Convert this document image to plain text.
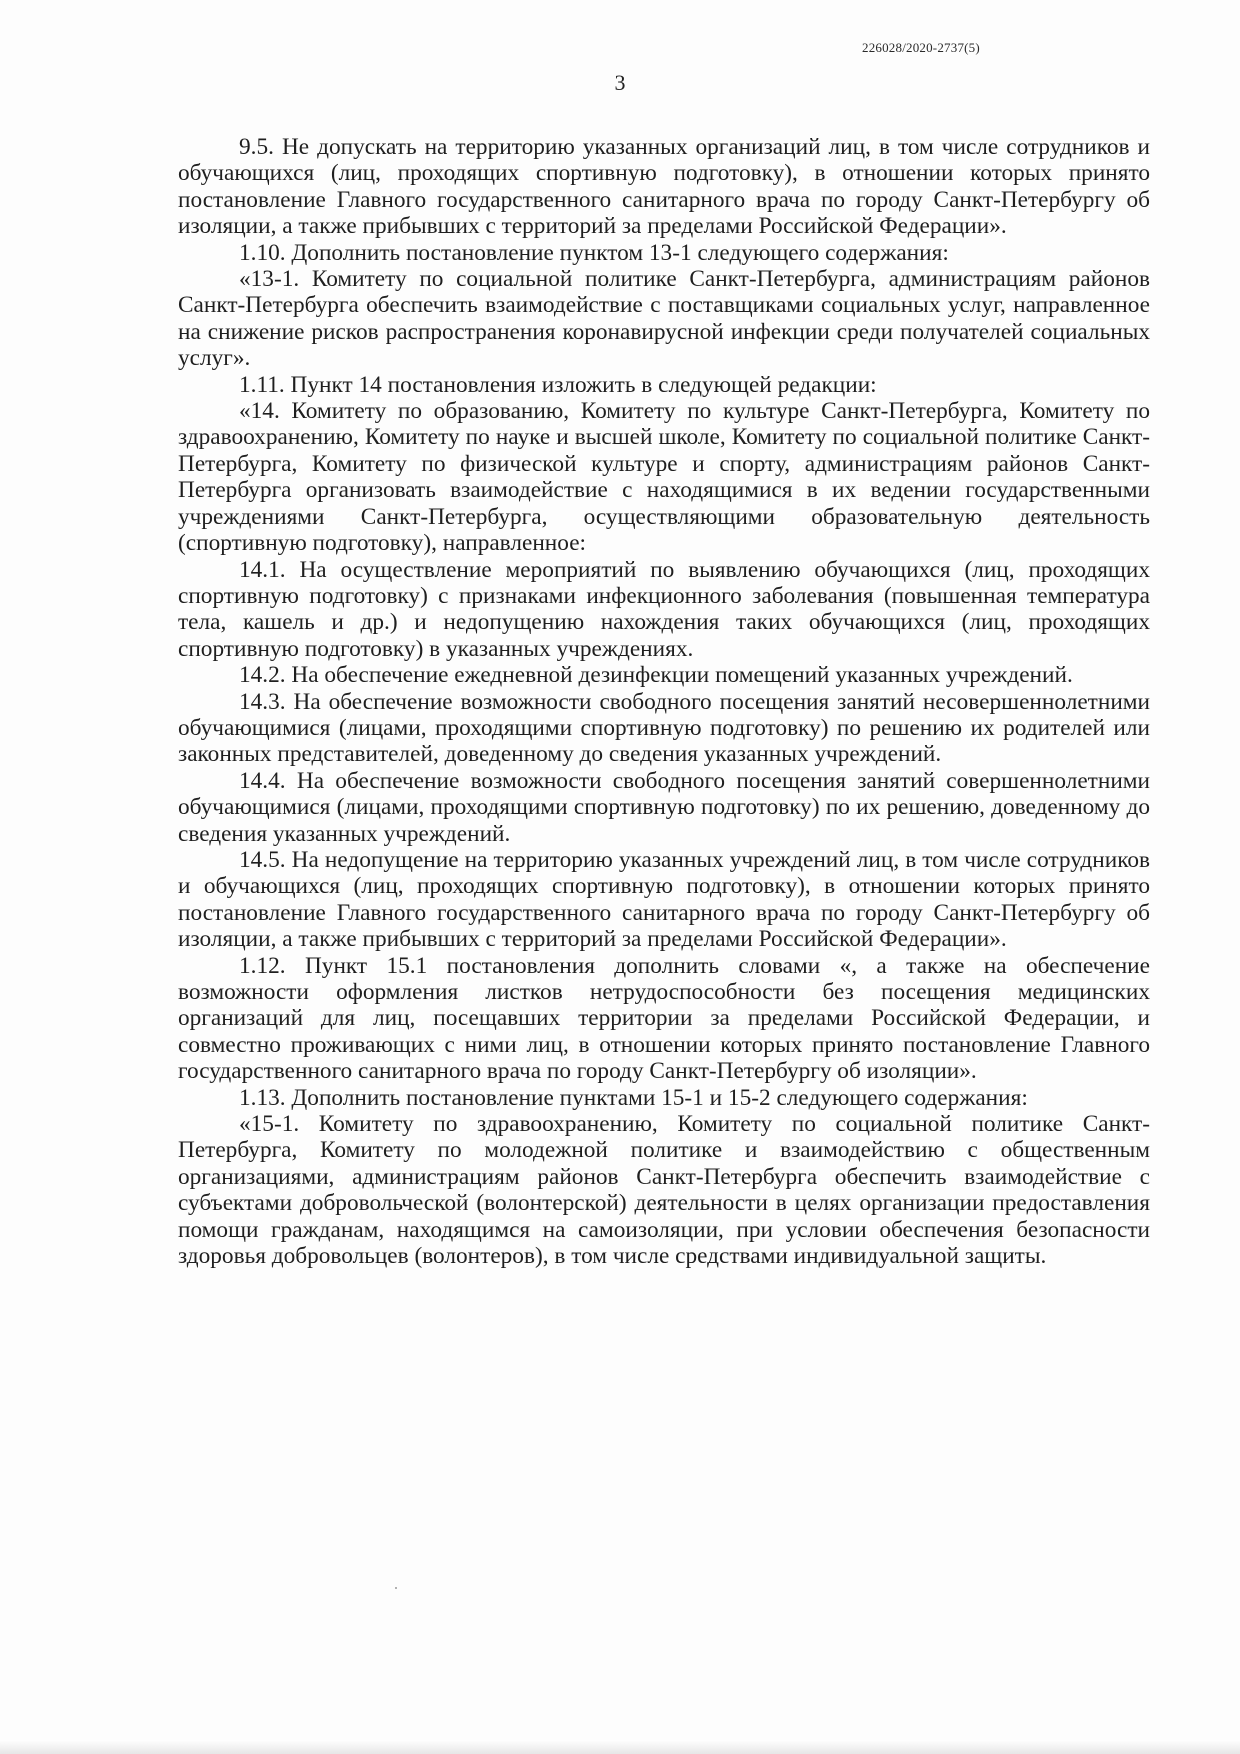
226028/2020-2737(5)
3

9.5. Не допускать на территорию указанных организаций лиц, в том числе сотрудников и обучающихся (лиц, проходящих спортивную подготовку), в отношении которых принято постановление Главного государственного санитарного врача по городу Санкт-Петербургу об изоляции, а также прибывших с территорий за пределами Российской Федерации».

1.10. Дополнить постановление пунктом 13-1 следующего содержания:

«13-1. Комитету по социальной политике Санкт-Петербурга, администрациям районов Санкт-Петербурга обеспечить взаимодействие с поставщиками социальных услуг, направленное на снижение рисков распространения коронавирусной инфекции среди получателей социальных услуг».

1.11. Пункт 14 постановления изложить в следующей редакции:

«14. Комитету по образованию, Комитету по культуре Санкт-Петербурга, Комитету по здравоохранению, Комитету по науке и высшей школе, Комитету по социальной политике Санкт-Петербурга, Комитету по физической культуре и спорту, администрациям районов Санкт-Петербурга организовать взаимодействие с находящимися в их ведении государственными учреждениями Санкт-Петербурга, осуществляющими образовательную деятельность (спортивную подготовку), направленное:

14.1. На осуществление мероприятий по выявлению обучающихся (лиц, проходящих спортивную подготовку) с признаками инфекционного заболевания (повышенная температура тела, кашель и др.) и недопущению нахождения таких обучающихся (лиц, проходящих спортивную подготовку) в указанных учреждениях.

14.2. На обеспечение ежедневной дезинфекции помещений указанных учреждений.

14.3. На обеспечение возможности свободного посещения занятий несовершеннолетними обучающимися (лицами, проходящими спортивную подготовку) по решению их родителей или законных представителей, доведенному до сведения указанных учреждений.

14.4. На обеспечение возможности свободного посещения занятий совершеннолетними обучающимися (лицами, проходящими спортивную подготовку) по их решению, доведенному до сведения указанных учреждений.

14.5. На недопущение на территорию указанных учреждений лиц, в том числе сотрудников и обучающихся (лиц, проходящих спортивную подготовку), в отношении которых принято постановление Главного государственного санитарного врача по городу Санкт-Петербургу об изоляции, а также прибывших с территорий за пределами Российской Федерации».

1.12. Пункт 15.1 постановления дополнить словами «, а также на обеспечение возможности оформления листков нетрудоспособности без посещения медицинских организаций для лиц, посещавших территории за пределами Российской Федерации, и совместно проживающих с ними лиц, в отношении которых принято постановление Главного государственного санитарного врача по городу Санкт-Петербургу об изоляции».

1.13. Дополнить постановление пунктами 15-1 и 15-2 следующего содержания:

«15-1. Комитету по здравоохранению, Комитету по социальной политике Санкт-Петербурга, Комитету по молодежной политике и взаимодействию с общественным организациями, администрациям районов Санкт-Петербурга обеспечить взаимодействие с субъектами добровольческой (волонтерской) деятельности в целях организации предоставления помощи гражданам, находящимся на самоизоляции, при условии обеспечения безопасности здоровья добровольцев (волонтеров), в том числе средствами индивидуальной защиты.
